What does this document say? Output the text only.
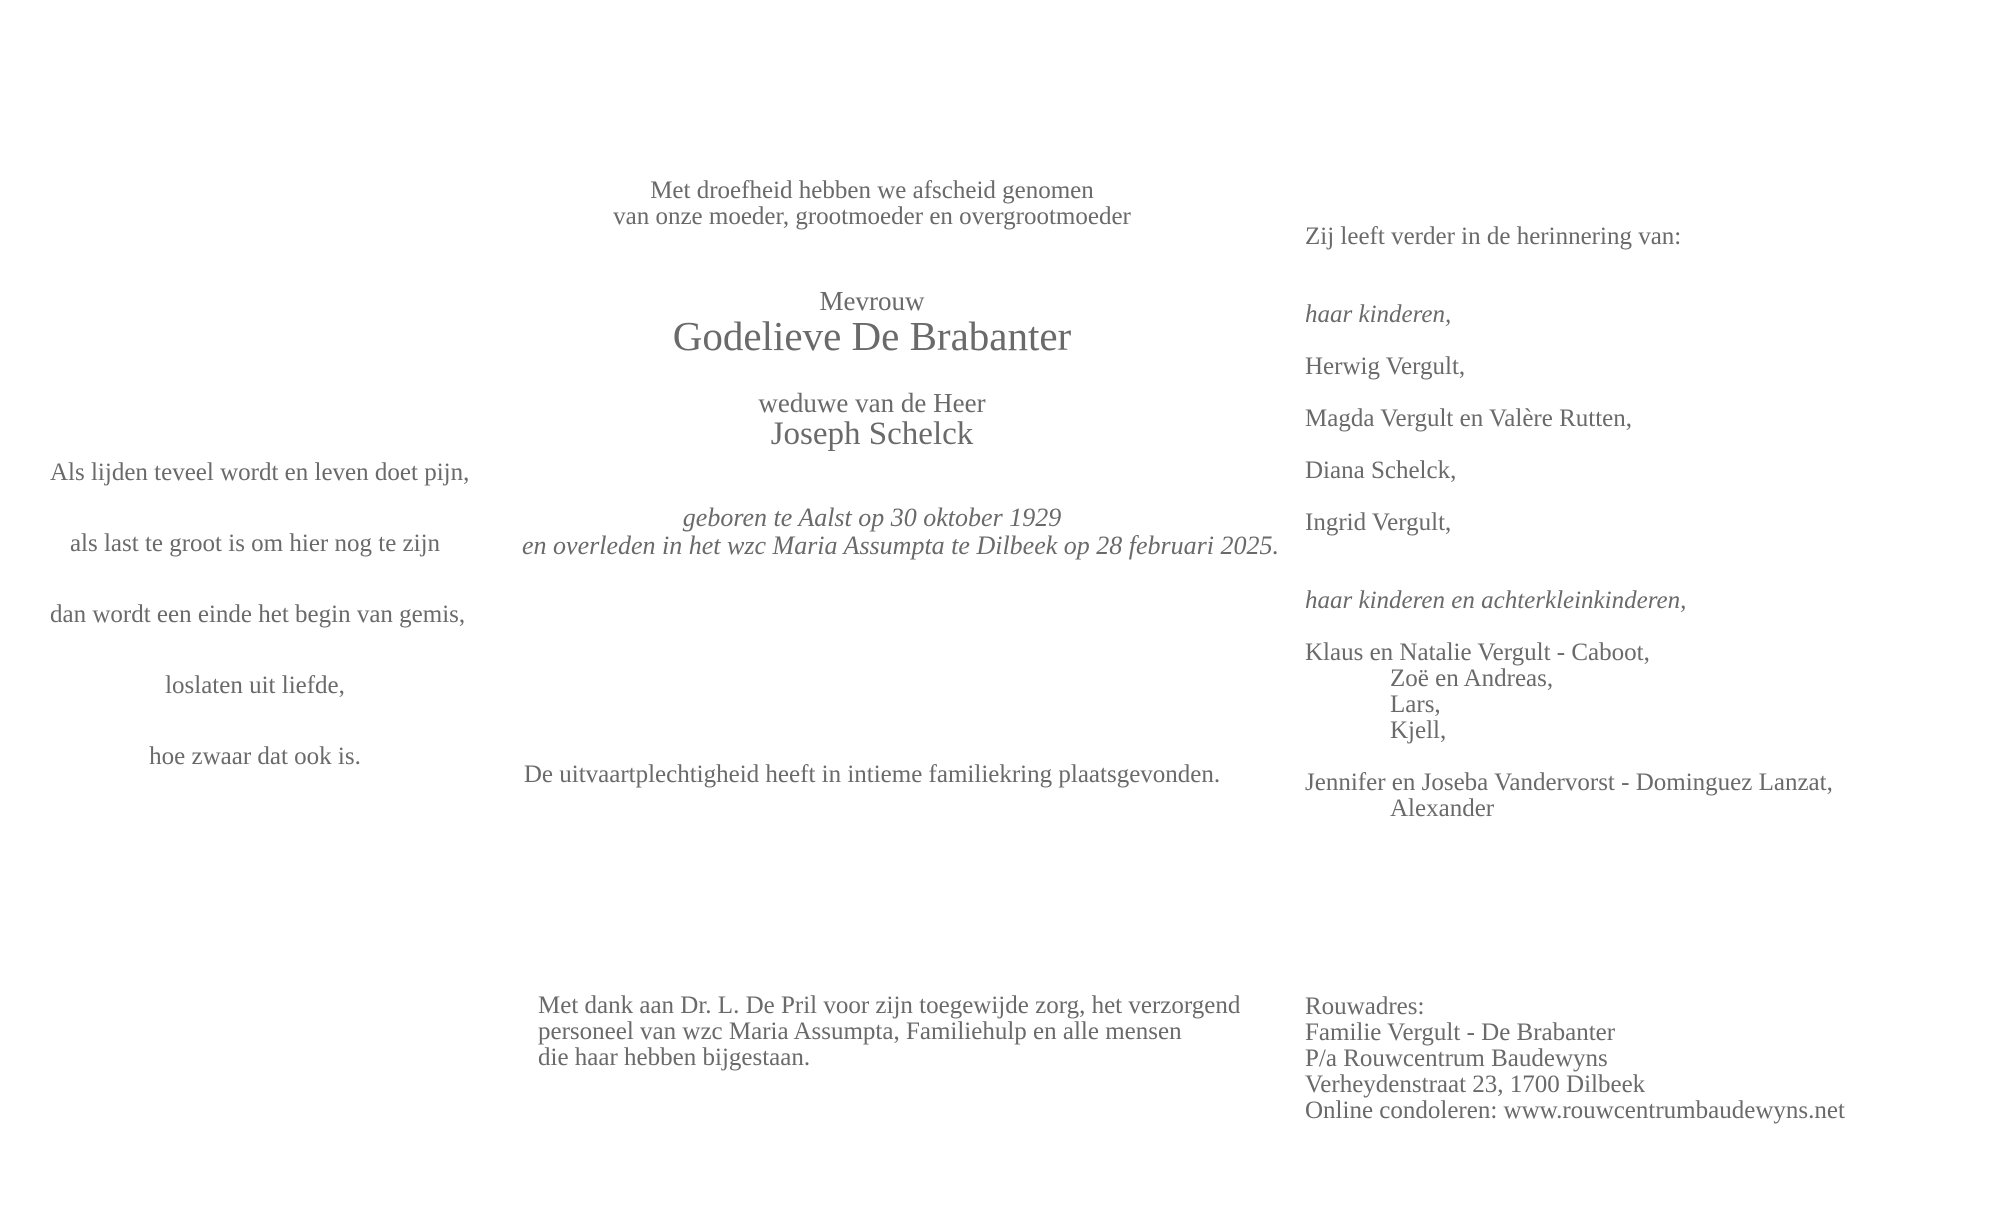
Als lijden teveel wordt en leven doet pijn,
als last te groot is om hier nog te zijn
dan wordt een einde het begin van gemis,
loslaten uit liefde,
hoe zwaar dat ook is.
Met droefheid hebben we afscheid genomen
van onze moeder, grootmoeder en overgrootmoeder
Mevrouw
Godelieve De Brabanter
weduwe van de Heer
Joseph Schelck
geboren te Aalst op 30 oktober 1929
en overleden in het wzc Maria Assumpta te Dilbeek op 28 februari 2025.
De uitvaartplechtigheid heeft in intieme familiekring plaatsgevonden.
Met dank aan Dr. L. De Pril voor zijn toegewijde zorg, het verzorgend
personeel van wzc Maria Assumpta, Familiehulp en alle mensen
die haar hebben bijgestaan.
Zij leeft verder in de herinnering van:
haar kinderen,
Herwig Vergult,
Magda Vergult en Valère Rutten,
Diana Schelck,
Ingrid Vergult,
haar kinderen en achterkleinkinderen,
Klaus en Natalie Vergult - Caboot,
Zoë en Andreas,
Lars,
Kjell,
Jennifer en Joseba Vandervorst - Dominguez Lanzat,
Alexander
Rouwadres:
Familie Vergult - De Brabanter
P/a Rouwcentrum Baudewyns
Verheydenstraat 23, 1700 Dilbeek
Online condoleren: www.rouwcentrumbaudewyns.net
